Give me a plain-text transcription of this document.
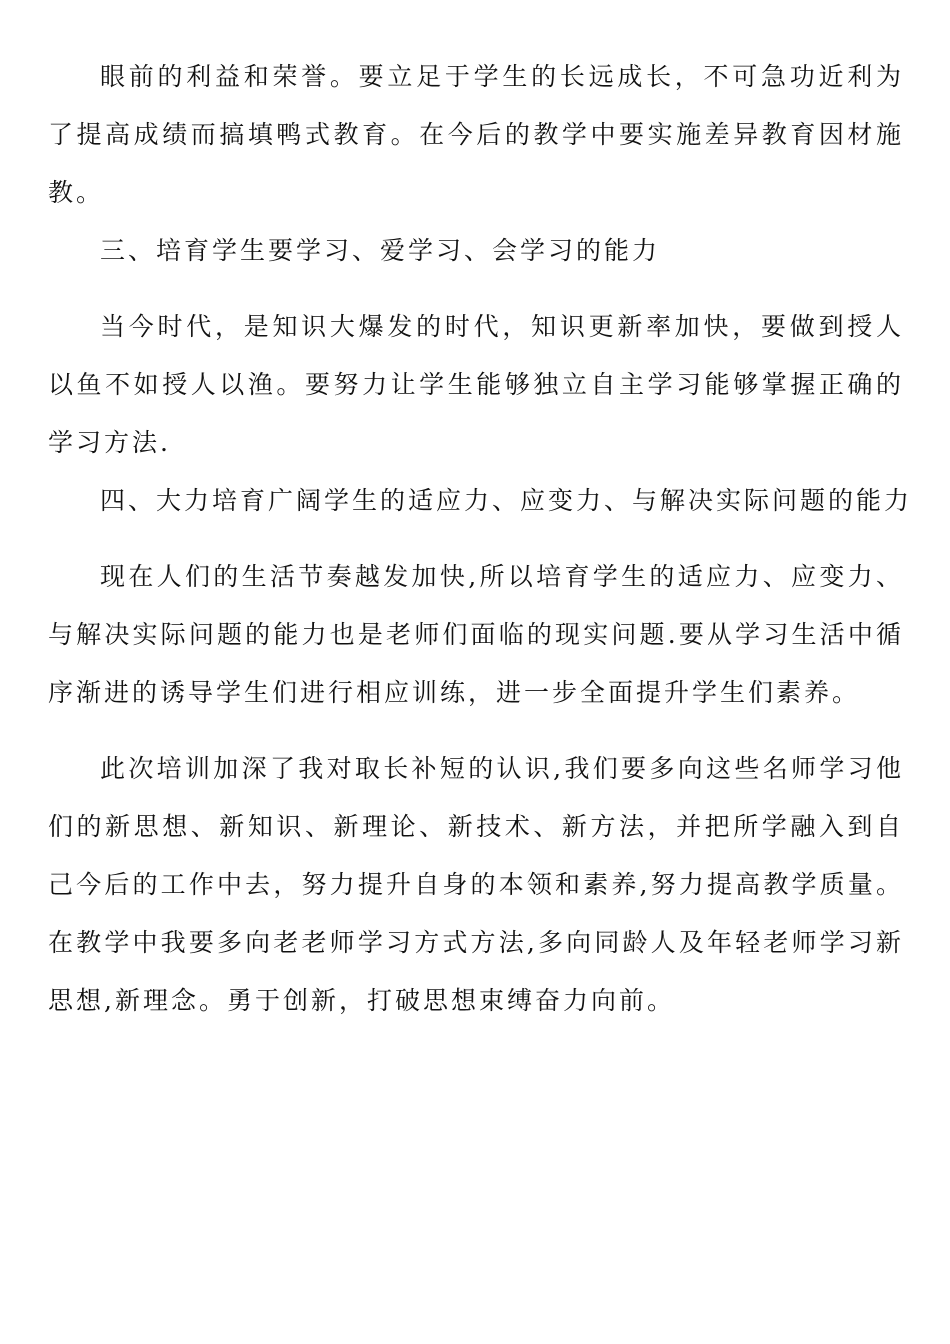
眼前的利益和荣誉。要立足于学生的长远成长，不可急功近利为了提高成绩而搞填鸭式教育。在今后的教学中要实施差异教育因材施教。

三、培育学生要学习、爱学习、会学习的能力

当今时代，是知识大爆发的时代，知识更新率加快，要做到授人以鱼不如授人以渔。要努力让学生能够独立自主学习能够掌握正确的学习方法.

四、大力培育广阔学生的适应力、应变力、与解决实际问题的能力

现在人们的生活节奏越发加快,所以培育学生的适应力、应变力、与解决实际问题的能力也是老师们面临的现实问题.要从学习生活中循序渐进的诱导学生们进行相应训练，进一步全面提升学生们素养。

此次培训加深了我对取长补短的认识,我们要多向这些名师学习他们的新思想、新知识、新理论、新技术、新方法，并把所学融入到自己今后的工作中去，努力提升自身的本领和素养,努力提高教学质量。在教学中我要多向老老师学习方式方法,多向同龄人及年轻老师学习新思想,新理念。勇于创新，打破思想束缚奋力向前。
